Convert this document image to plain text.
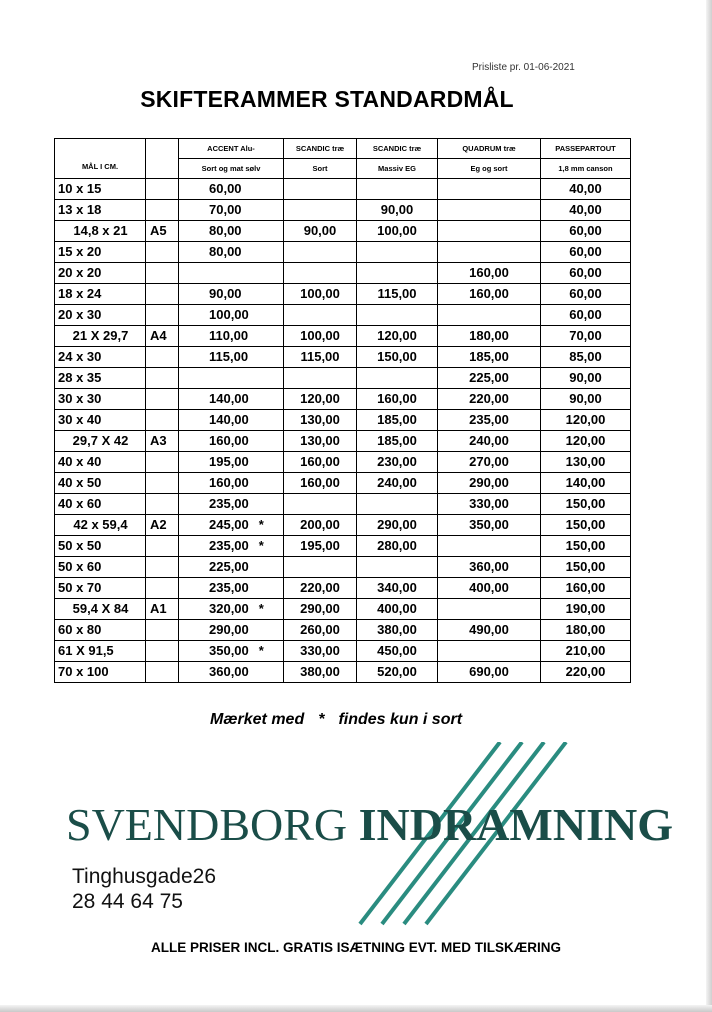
Prisliste pr. 01-06-2021
SKIFTERAMMER STANDARDMÅL
MÅL I CM.		ACCENT Alu-	SCANDIC træ	SCANDIC træ	QUADRUM træ	PASSEPARTOUT
		Sort og mat sølv	Sort	Massiv EG	Eg og sort	1,8 mm canson
10 x 15		60,00				40,00
13 x 18		70,00		90,00		40,00
14,8 x 21	A5	80,00	90,00	100,00		60,00
15 x 20		80,00				60,00
20 x 20					160,00	60,00
18 x 24		90,00	100,00	115,00	160,00	60,00
20 x 30		100,00				60,00
21 X 29,7	A4	110,00	100,00	120,00	180,00	70,00
24 x 30		115,00	115,00	150,00	185,00	85,00
28 x 35					225,00	90,00
30 x 30		140,00	120,00	160,00	220,00	90,00
30 x 40		140,00	130,00	185,00	235,00	120,00
29,7 X 42	A3	160,00	130,00	185,00	240,00	120,00
40 x 40		195,00	160,00	230,00	270,00	130,00
40 x 50		160,00	160,00	240,00	290,00	140,00
40 x 60		235,00			330,00	150,00
42 x 59,4	A2	245,00 *	200,00	290,00	350,00	150,00
50 x 50		235,00 *	195,00	280,00		150,00
50 x 60		225,00			360,00	150,00
50 x 70		235,00	220,00	340,00	400,00	160,00
59,4 X 84	A1	320,00 *	290,00	400,00		190,00
60 x 80		290,00	260,00	380,00	490,00	180,00
61 X 91,5		350,00 *	330,00	450,00		210,00
70 x 100		360,00	380,00	520,00	690,00	220,00
Mærket med * findes kun i sort
SVENDBORG INDRAMNING
Tinghusgade26
28 44 64 75
ALLE PRISER INCL. GRATIS ISÆTNING EVT. MED TILSKÆRING
